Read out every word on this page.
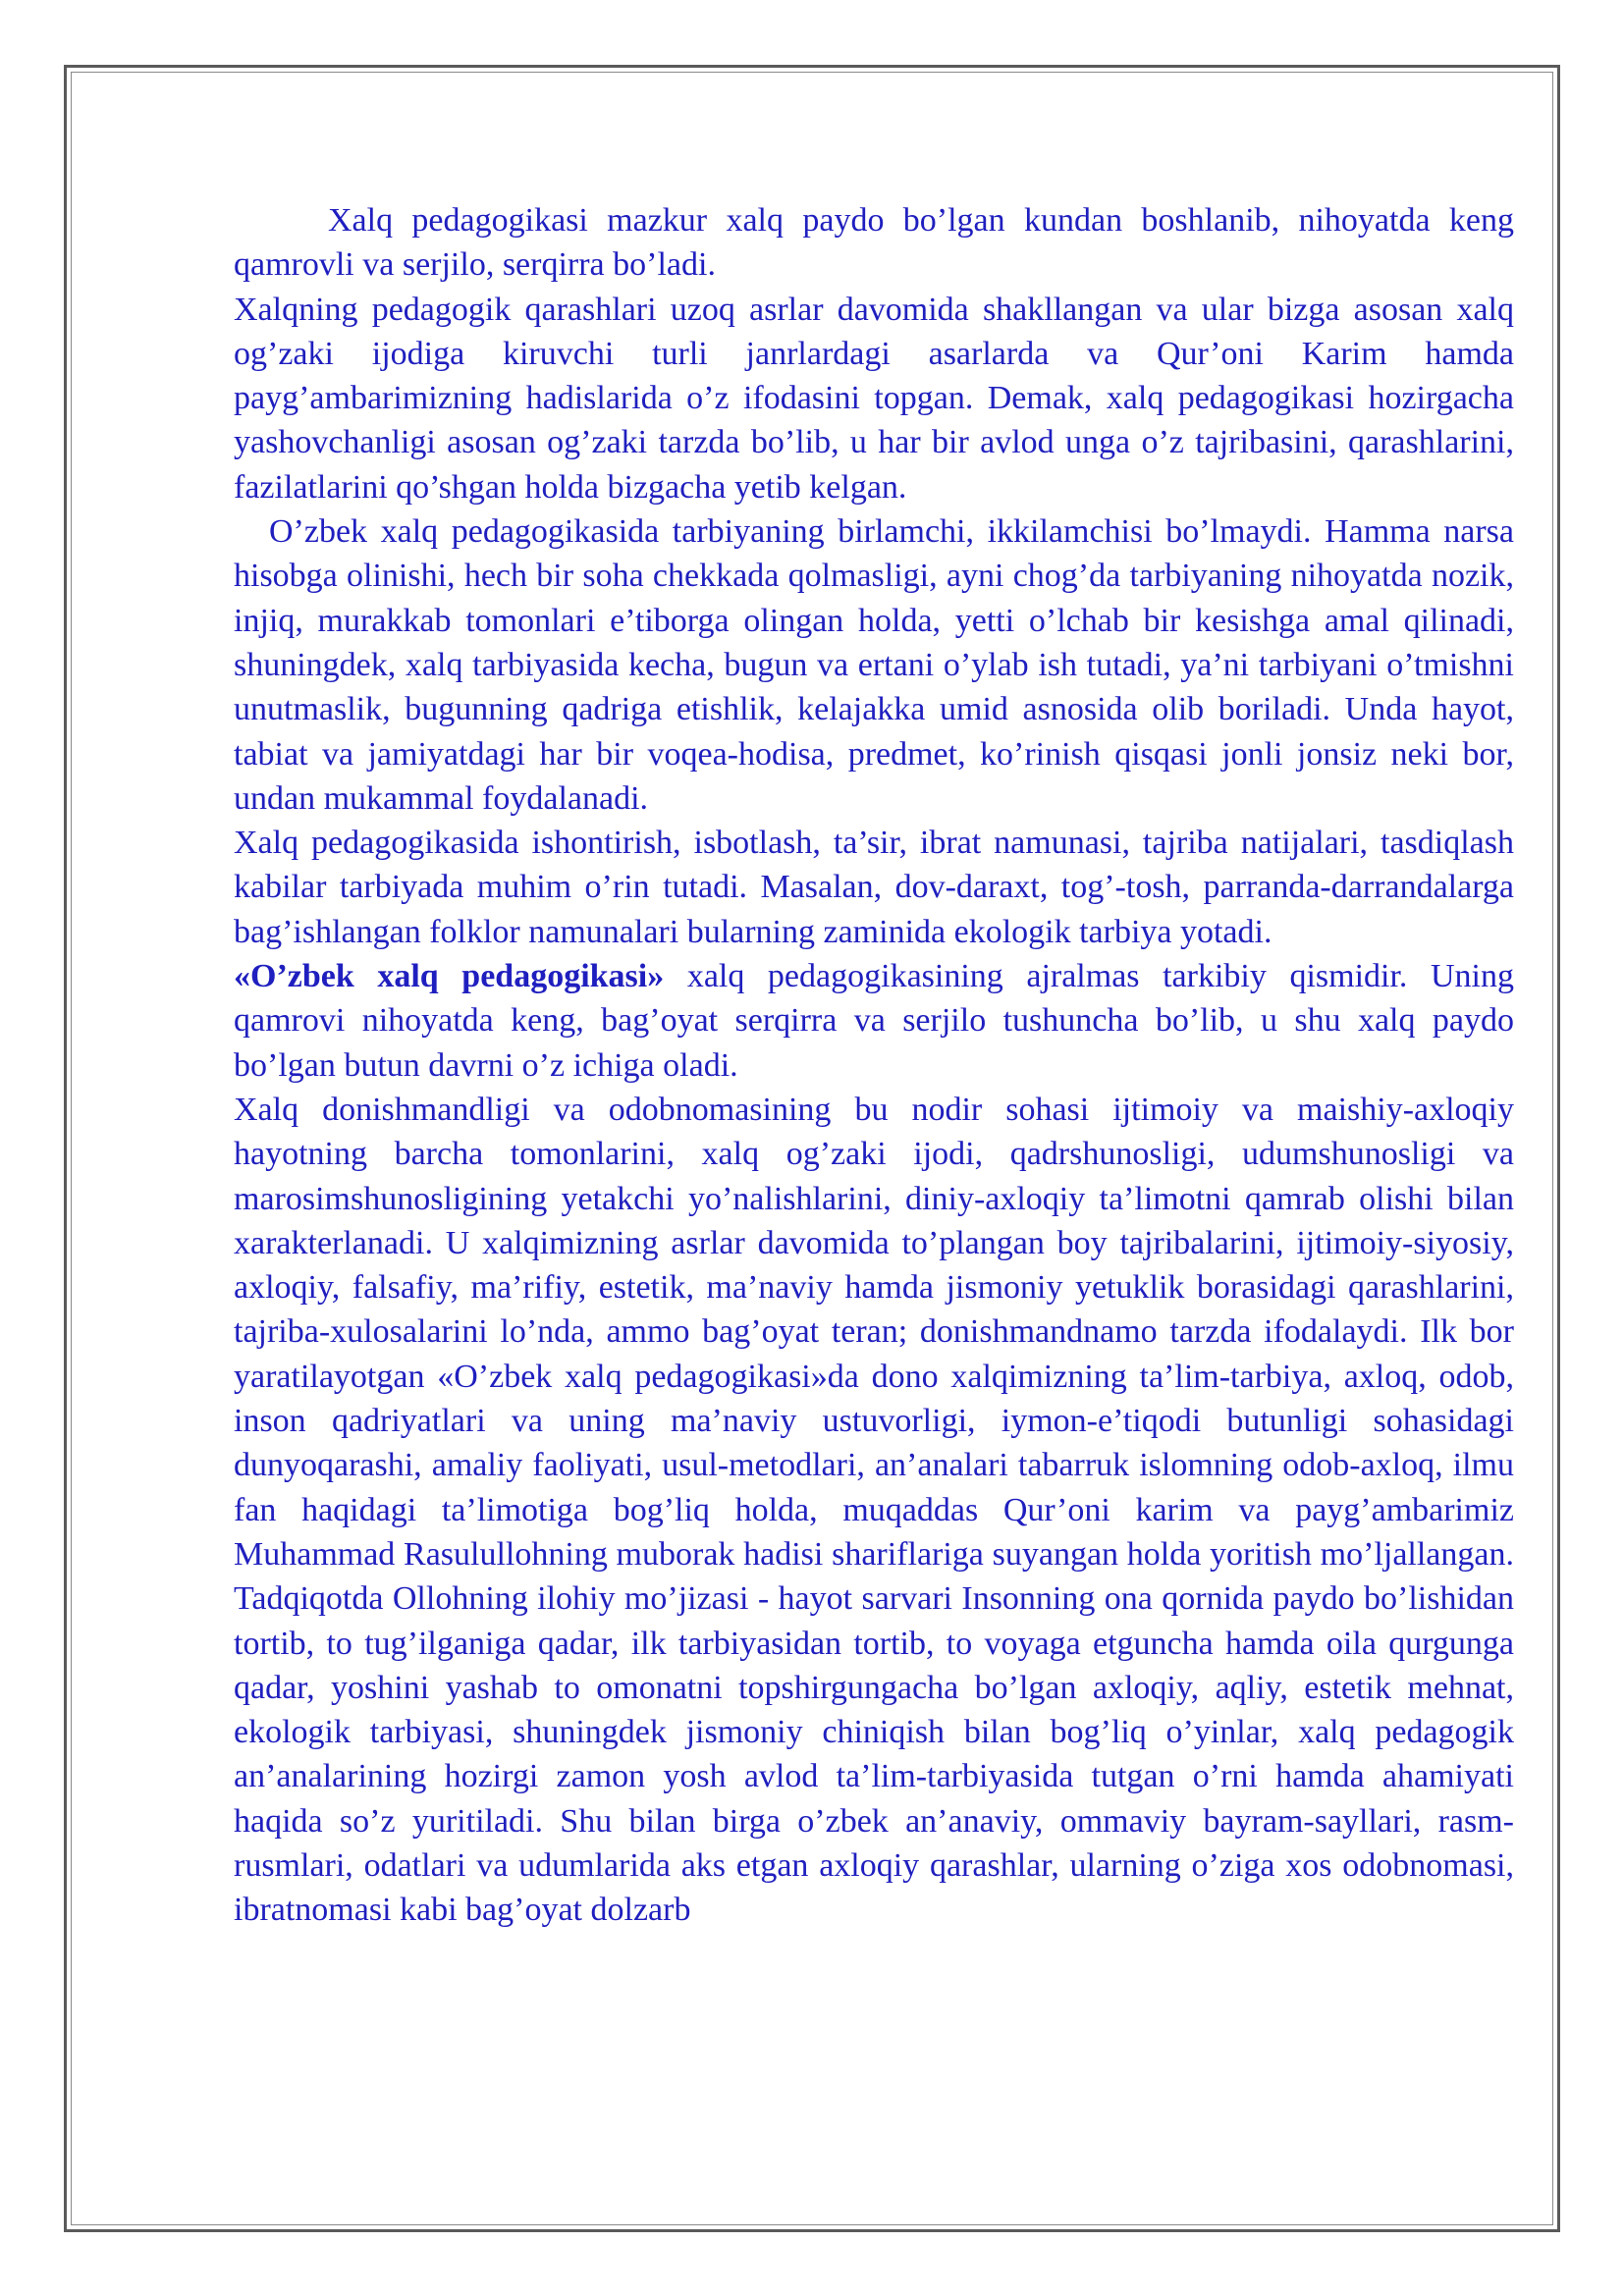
Xalq pedagogikasi mazkur xalq paydo bo’lgan kundan boshlanib, nihoyatda keng qamrovli va serjilo, serqirra bo’ladi.

Xalqning pedagogik qarashlari uzoq asrlar davomida shakllangan va ular bizga asosan xalq og’zaki ijodiga kiruvchi turli janrlardagi asarlarda va Qur’oni Karim hamda payg’ambarimizning hadislarida o’z ifodasini topgan. Demak, xalq pedagogikasi hozirgacha yashovchanligi asosan og’zaki tarzda bo’lib, u har bir avlod unga o’z tajribasini, qarashlarini, fazilatlarini qo’shgan holda bizgacha yetib kelgan.

O’zbek xalq pedagogikasida tarbiyaning birlamchi, ikkilamchisi bo’lmaydi. Hamma narsa hisobga olinishi, hech bir soha chekkada qolmasligi, ayni chog’da tarbiyaning nihoyatda nozik, injiq, murakkab tomonlari e’tiborga olingan holda, yetti o’lchab bir kesishga amal qilinadi, shuningdek, xalq tarbiyasida kecha, bugun va ertani o’ylab ish tutadi, ya’ni tarbiyani o’tmishni unutmaslik, bugunning qadriga etishlik, kelajakka umid asnosida olib boriladi. Unda hayot, tabiat va jamiyatdagi har bir voqea-hodisa, predmet, ko’rinish qisqasi jonli jonsiz neki bor, undan mukammal foydalanadi.

Xalq pedagogikasida ishontirish, isbotlash, ta’sir, ibrat namunasi, tajriba natijalari, tasdiqlash kabilar tarbiyada muhim o’rin tutadi. Masalan, dov-daraxt, tog’-tosh, parranda-darrandalarga bag’ishlangan folklor namunalari bularning zaminida ekologik tarbiya yotadi.

«O’zbek xalq pedagogikasi» xalq pedagogikasining ajralmas tarkibiy qismidir. Uning qamrovi nihoyatda keng, bag’oyat serqirra va serjilo tushuncha bo’lib, u shu xalq paydo bo’lgan butun davrni o’z ichiga oladi.

Xalq donishmandligi va odobnomasining bu nodir sohasi ijtimoiy va maishiy-axloqiy hayotning barcha tomonlarini, xalq og’zaki ijodi, qadrshunosligi, udumshunosligi va marosimshunosligining yetakchi yo’nalishlarini, diniy-axloqiy ta’limotni qamrab olishi bilan xarakterlanadi. U xalqimizning asrlar davomida to’plangan boy tajribalarini, ijtimoiy-siyosiy, axloqiy, falsafiy, ma’rifiy, estetik, ma’naviy hamda jismoniy yetuklik borasidagi qarashlarini, tajriba-xulosalarini lo’nda, ammo bag’oyat teran; donishmandnamo tarzda ifodalaydi. Ilk bor yaratilayotgan «O’zbek xalq pedagogikasi»da dono xalqimizning ta’lim-tarbiya, axloq, odob, inson qadriyatlari va uning ma’naviy ustuvorligi, iymon-e’tiqodi butunligi sohasidagi dunyoqarashi, amaliy faoliyati, usul-metodlari, an’analari tabarruk islomning odob-axloq, ilmu fan haqidagi ta’limotiga bog’liq holda, muqaddas Qur’oni karim va payg’ambarimiz Muhammad Rasulullohning muborak hadisi shariflariga suyangan holda yoritish mo’ljallangan. Tadqiqotda Ollohning ilohiy mo’jizasi - hayot sarvari Insonning ona qornida paydo bo’lishidan tortib, to tug’ilganiga qadar, ilk tarbiyasidan tortib, to voyaga etguncha hamda oila qurgunga qadar, yoshini yashab to omonatni topshirgungacha bo’lgan axloqiy, aqliy, estetik mehnat, ekologik tarbiyasi, shuningdek jismoniy chiniqish bilan bog’liq o’yinlar, xalq pedagogik an’analarining hozirgi zamon yosh avlod ta’lim-tarbiyasida tutgan o’rni hamda ahamiyati haqida so’z yuritiladi. Shu bilan birga o’zbek an’anaviy, ommaviy bayram-sayllari, rasm-rusmlari, odatlari va udumlarida aks etgan axloqiy qarashlar, ularning o’ziga xos odobnomasi, ibratnomasi kabi bag’oyat dolzarb
